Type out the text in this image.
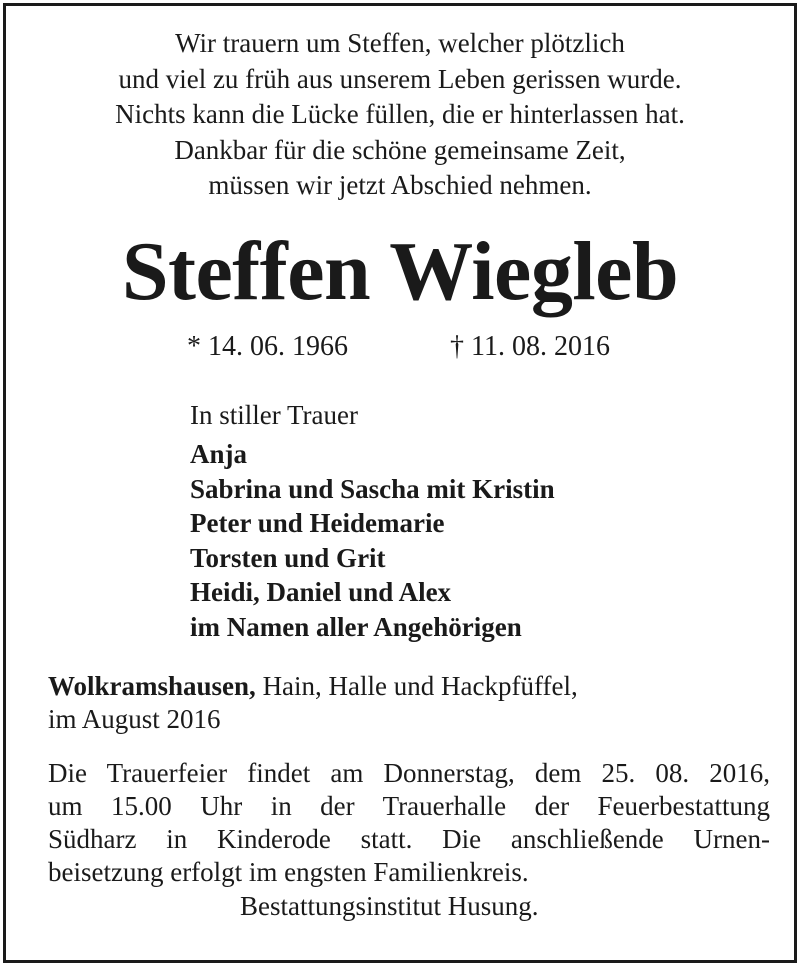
Wir trauern um Steffen, welcher plötzlich
und viel zu früh aus unserem Leben gerissen wurde.
Nichts kann die Lücke füllen, die er hinterlassen hat.
Dankbar für die schöne gemeinsame Zeit,
müssen wir jetzt Abschied nehmen.
Steffen Wiegleb
* 14. 06. 1966	† 11. 08. 2016
In stiller Trauer
Anja
Sabrina und Sascha mit Kristin
Peter und Heidemarie
Torsten und Grit
Heidi, Daniel und Alex
im Namen aller Angehörigen
Wolkramshausen, Hain, Halle und Hackpfüffel,
im August 2016
Die Trauerfeier findet am Donnerstag, dem 25. 08. 2016,
um 15.00 Uhr in der Trauerhalle der Feuerbestattung
Südharz in Kinderode statt. Die anschließende Urnen-
beisetzung erfolgt im engsten Familienkreis.
Bestattungsinstitut Husung.
